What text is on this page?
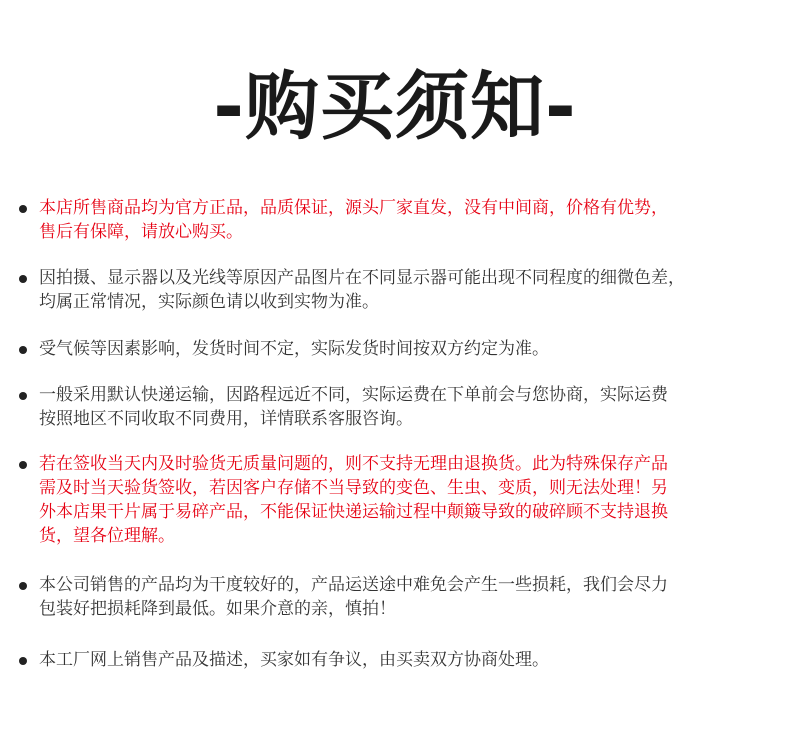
-购买须知-

本店所售商品均为官方正品，品质保证，源头厂家直发，没有中间商，价格有优势，
售后有保障，请放心购买。

因拍摄、显示器以及光线等原因产品图片在不同显示器可能出现不同程度的细微色差，
均属正常情况，实际颜色请以收到实物为准。

受气候等因素影响，发货时间不定，实际发货时间按双方约定为准。

一般采用默认快递运输，因路程远近不同，实际运费在下单前会与您协商，实际运费
按照地区不同收取不同费用，详情联系客服咨询。

若在签收当天内及时验货无质量问题的，则不支持无理由退换货。此为特殊保存产品
需及时当天验货签收，若因客户存储不当导致的变色、生虫、变质，则无法处理！另
外本店果干片属于易碎产品，不能保证快递运输过程中颠簸导致的破碎顾不支持退换
货，望各位理解。

本公司销售的产品均为干度较好的，产品运送途中难免会产生一些损耗，我们会尽力
包装好把损耗降到最低。如果介意的亲，慎拍！

本工厂网上销售产品及描述，买家如有争议，由买卖双方协商处理。
